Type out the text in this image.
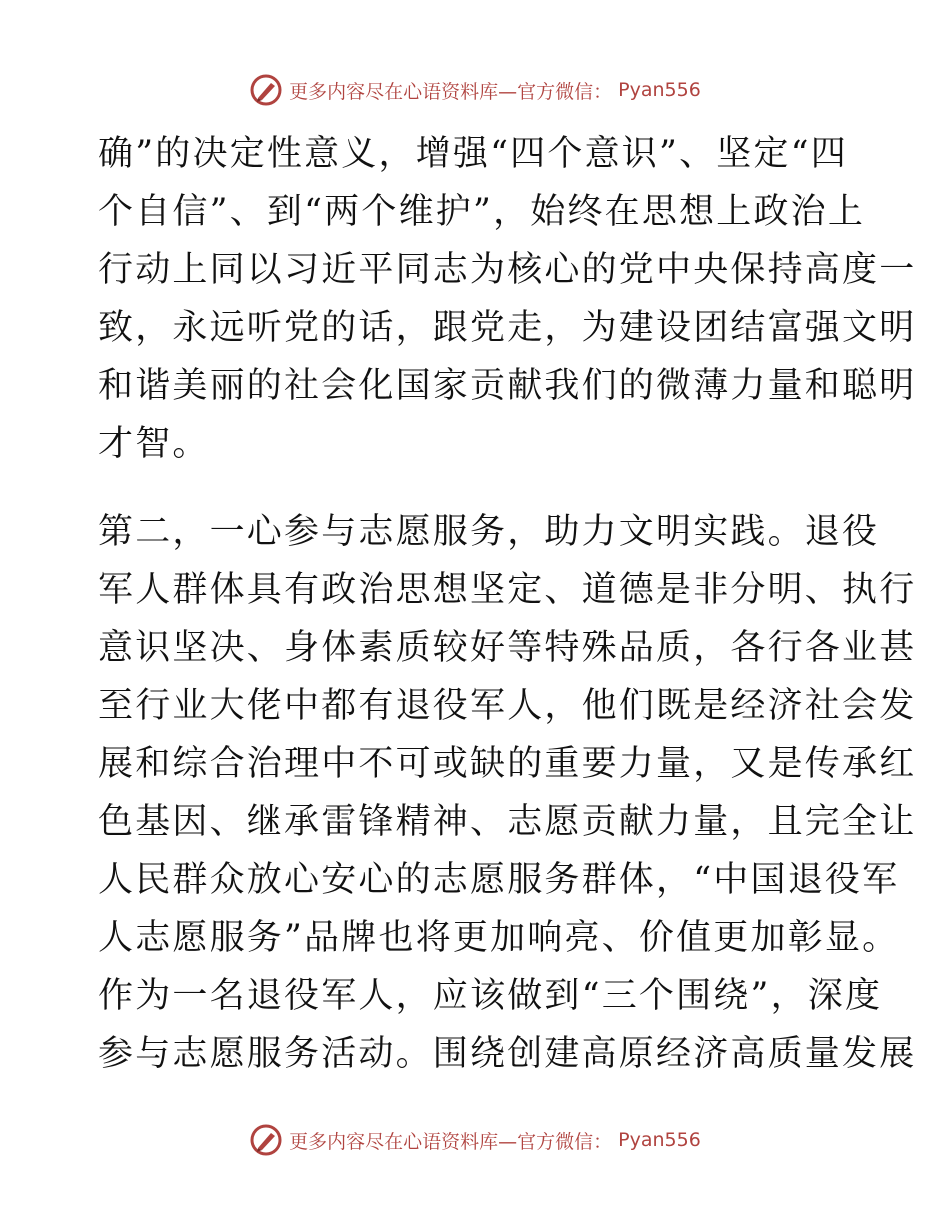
更多内容尽在心语资料库—官方微信： Pyan556
确”的决定性意义，增强“四个意识”、坚定“四
个自信”、到“两个维护”，始终在思想上政治上
行动上同以习近平同志为核心的党中央保持高度一
致，永远听党的话，跟党走，为建设团结富强文明
和谐美丽的社会化国家贡献我们的微薄力量和聪明
才智。
第二，一心参与志愿服务，助力文明实践。退役
军人群体具有政治思想坚定、道德是非分明、执行
意识坚决、身体素质较好等特殊品质，各行各业甚
至行业大佬中都有退役军人，他们既是经济社会发
展和综合治理中不可或缺的重要力量，又是传承红
色基因、继承雷锋精神、志愿贡献力量，且完全让
人民群众放心安心的志愿服务群体，“中国退役军
人志愿服务”品牌也将更加响亮、价值更加彰显。
作为一名退役军人，应该做到“三个围绕”，深度
参与志愿服务活动。围绕创建高原经济高质量发展
更多内容尽在心语资料库—官方微信： Pyan556
